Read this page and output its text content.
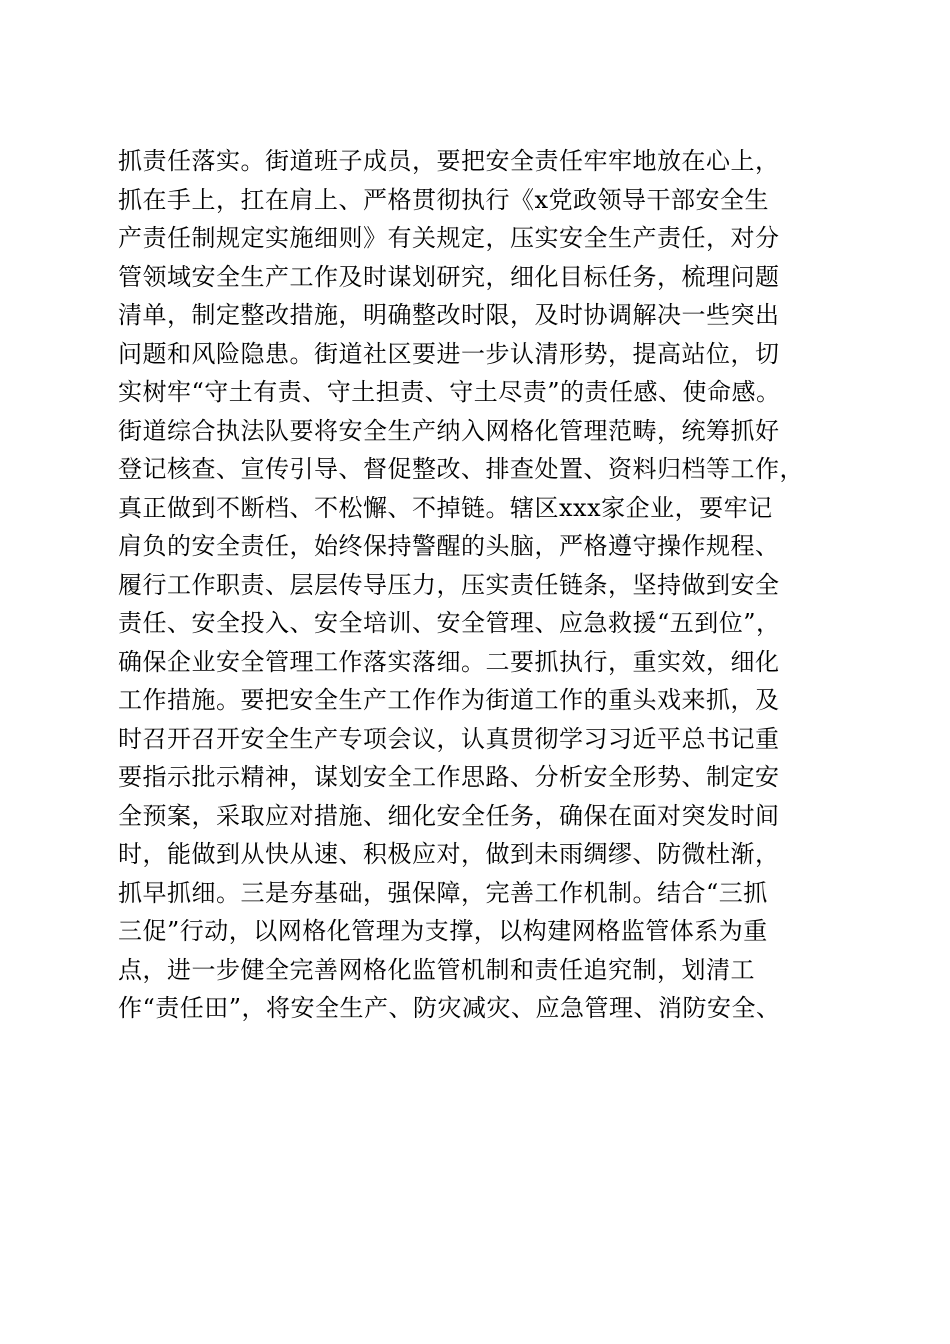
抓责任落实。街道班子成员，要把安全责任牢牢地放在心上，
抓在手上，扛在肩上、严格贯彻执行《x党政领导干部安全生
产责任制规定实施细则》有关规定，压实安全生产责任，对分
管领域安全生产工作及时谋划研究，细化目标任务，梳理问题
清单，制定整改措施，明确整改时限，及时协调解决一些突出
问题和风险隐患。街道社区要进一步认清形势，提高站位，切
实树牢“守土有责、守土担责、守土尽责”的责任感、使命感。
街道综合执法队要将安全生产纳入网格化管理范畴，统筹抓好
登记核查、宣传引导、督促整改、排查处置、资料归档等工作，
真正做到不断档、不松懈、不掉链。辖区xxx家企业，要牢记
肩负的安全责任，始终保持警醒的头脑，严格遵守操作规程、
履行工作职责、层层传导压力，压实责任链条，坚持做到安全
责任、安全投入、安全培训、安全管理、应急救援“五到位”，
确保企业安全管理工作落实落细。二要抓执行，重实效，细化
工作措施。要把安全生产工作作为街道工作的重头戏来抓，及
时召开召开安全生产专项会议，认真贯彻学习习近平总书记重
要指示批示精神，谋划安全工作思路、分析安全形势、制定安
全预案，采取应对措施、细化安全任务，确保在面对突发时间
时，能做到从快从速、积极应对，做到未雨绸缪、防微杜渐，
抓早抓细。三是夯基础，强保障，完善工作机制。结合“三抓
三促”行动，以网格化管理为支撑，以构建网格监管体系为重
点，进一步健全完善网格化监管机制和责任追究制，划清工
作“责任田”，将安全生产、防灾减灾、应急管理、消防安全、
